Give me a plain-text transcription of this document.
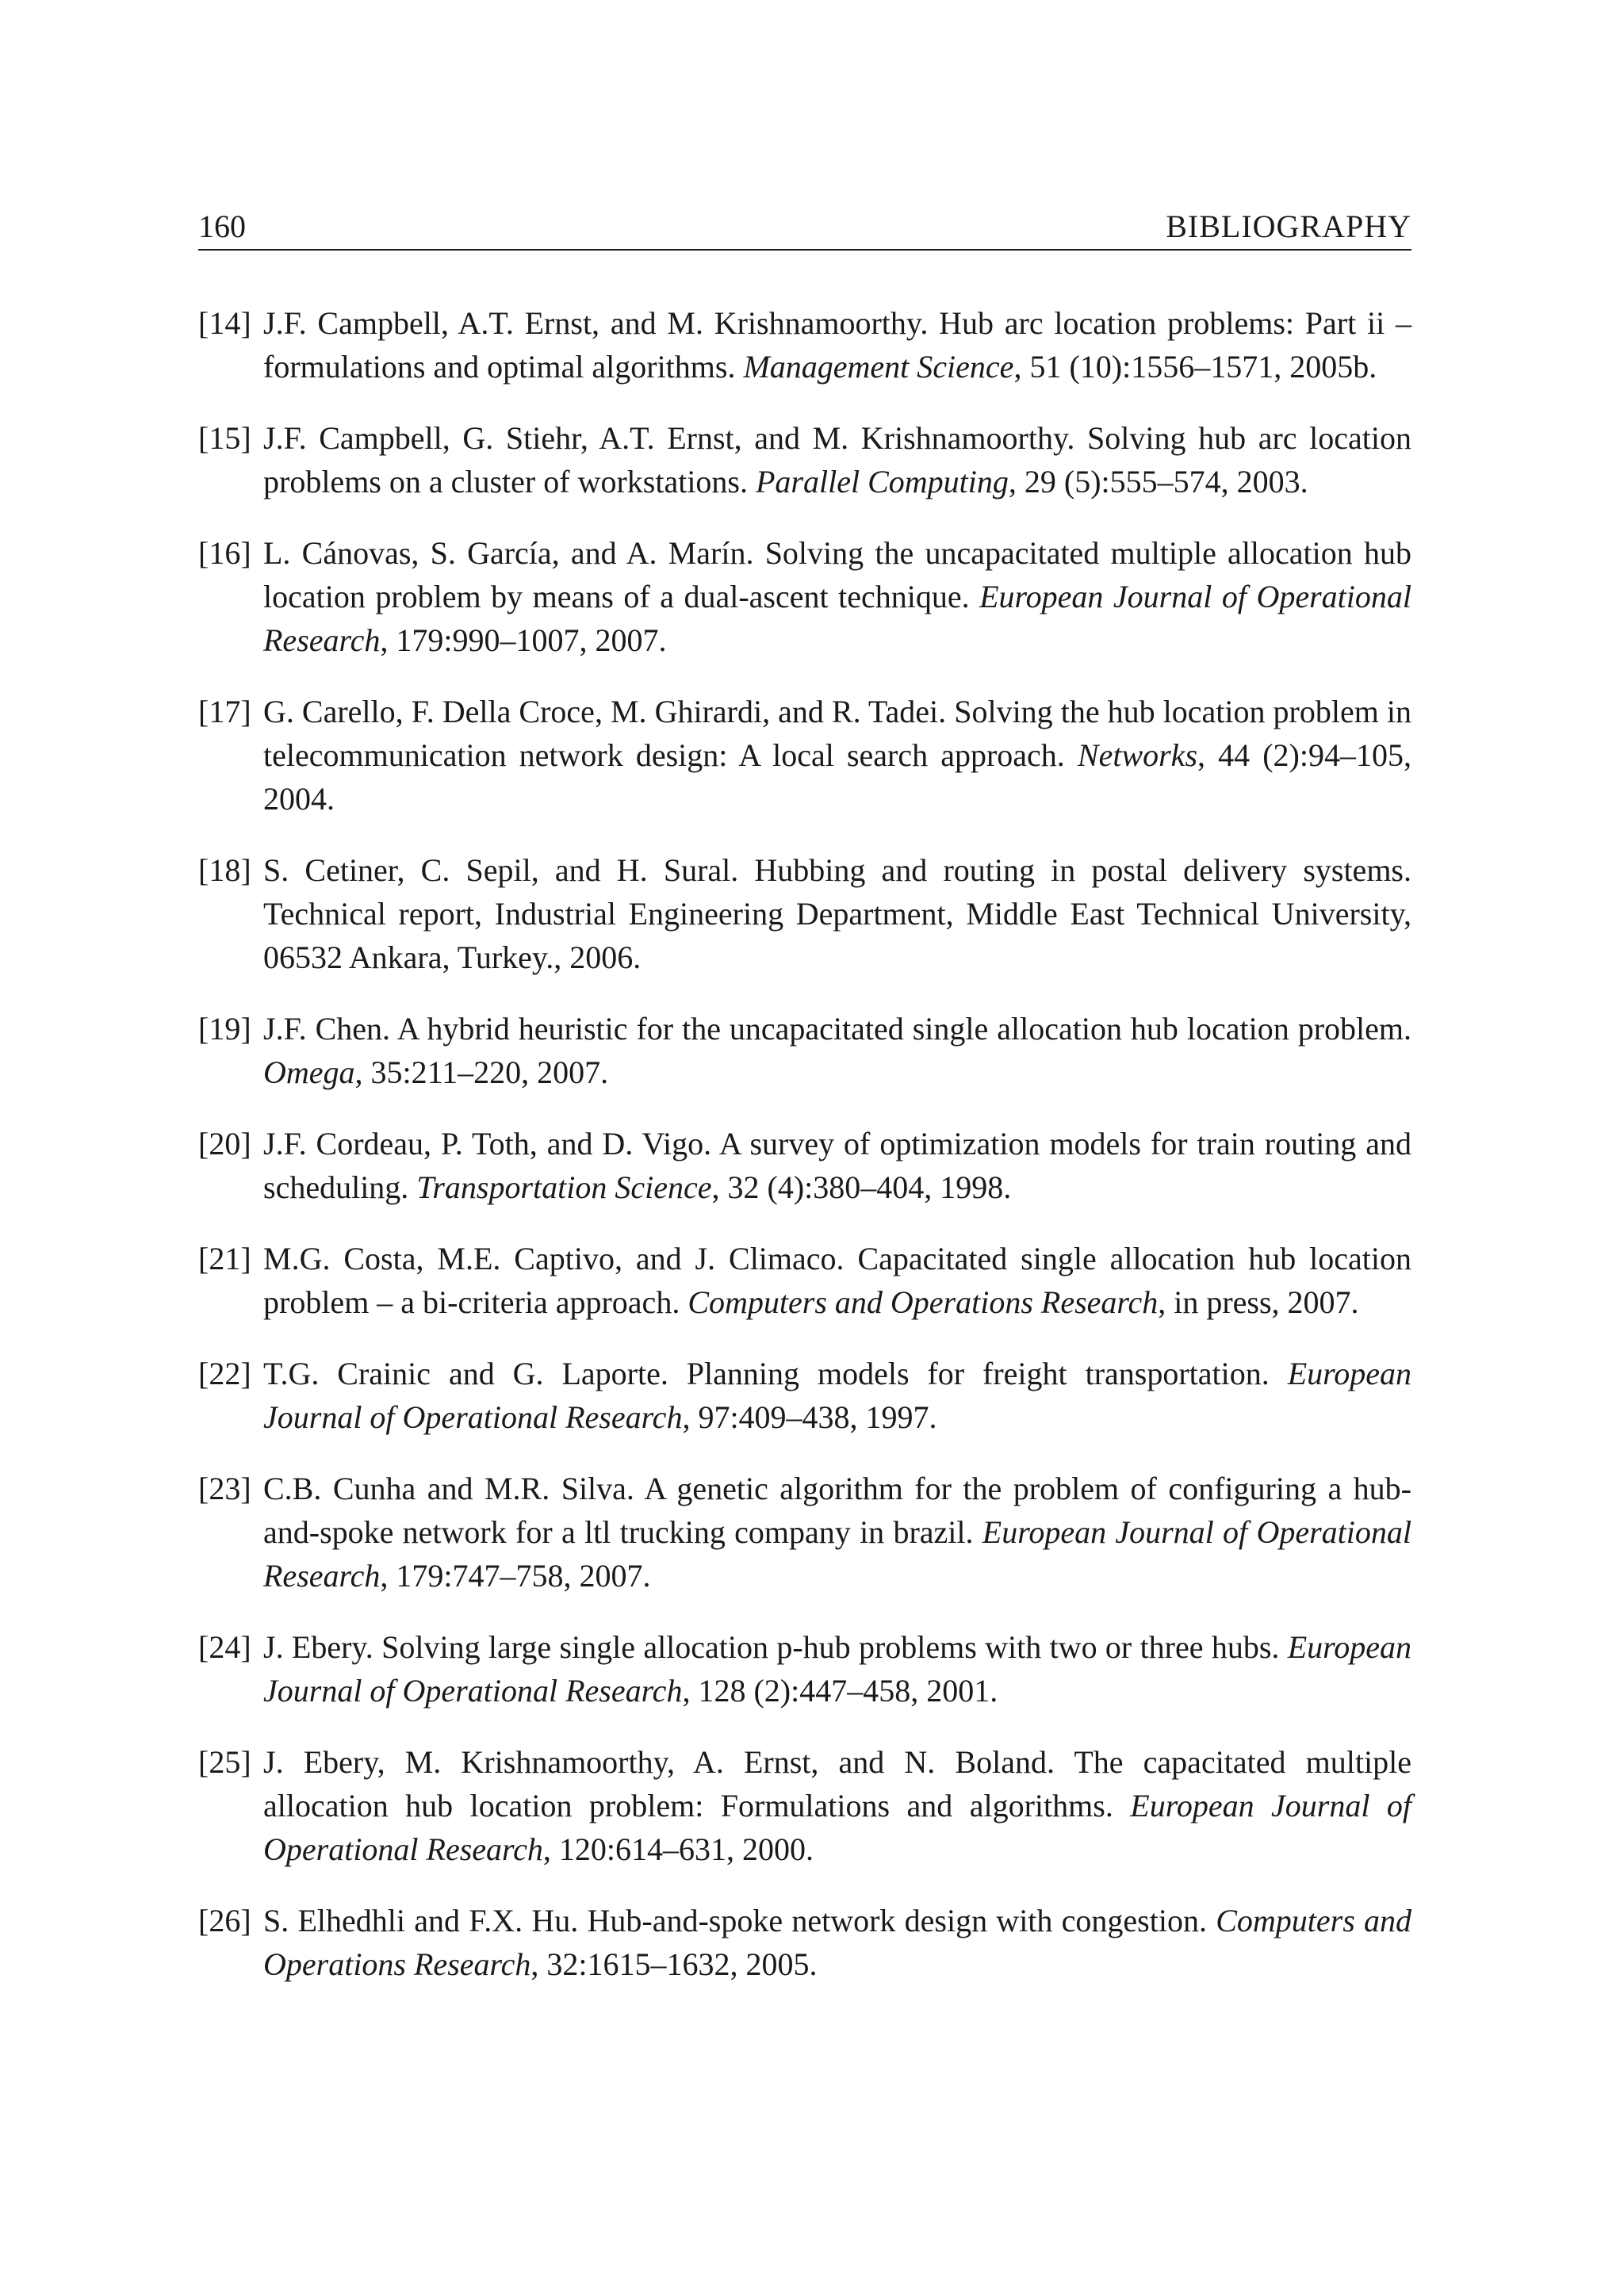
160	BIBLIOGRAPHY
[14] J.F. Campbell, A.T. Ernst, and M. Krishnamoorthy. Hub arc location problems: Part ii – formulations and optimal algorithms. Management Science, 51 (10):1556–1571, 2005b.
[15] J.F. Campbell, G. Stiehr, A.T. Ernst, and M. Krishnamoorthy. Solving hub arc location problems on a cluster of workstations. Parallel Computing, 29 (5):555–574, 2003.
[16] L. Cánovas, S. García, and A. Marín. Solving the uncapacitated multiple allocation hub location problem by means of a dual-ascent technique. European Journal of Operational Research, 179:990–1007, 2007.
[17] G. Carello, F. Della Croce, M. Ghirardi, and R. Tadei. Solving the hub location problem in telecommunication network design: A local search approach. Networks, 44 (2):94–105, 2004.
[18] S. Cetiner, C. Sepil, and H. Sural. Hubbing and routing in postal delivery systems. Technical report, Industrial Engineering Department, Middle East Technical University, 06532 Ankara, Turkey., 2006.
[19] J.F. Chen. A hybrid heuristic for the uncapacitated single allocation hub location problem. Omega, 35:211–220, 2007.
[20] J.F. Cordeau, P. Toth, and D. Vigo. A survey of optimization models for train routing and scheduling. Transportation Science, 32 (4):380–404, 1998.
[21] M.G. Costa, M.E. Captivo, and J. Climaco. Capacitated single allocation hub location problem – a bi-criteria approach. Computers and Operations Research, in press, 2007.
[22] T.G. Crainic and G. Laporte. Planning models for freight transportation. European Journal of Operational Research, 97:409–438, 1997.
[23] C.B. Cunha and M.R. Silva. A genetic algorithm for the problem of configuring a hub-and-spoke network for a ltl trucking company in brazil. European Journal of Operational Research, 179:747–758, 2007.
[24] J. Ebery. Solving large single allocation p-hub problems with two or three hubs. European Journal of Operational Research, 128 (2):447–458, 2001.
[25] J. Ebery, M. Krishnamoorthy, A. Ernst, and N. Boland. The capacitated multiple allocation hub location problem: Formulations and algorithms. European Journal of Operational Research, 120:614–631, 2000.
[26] S. Elhedhli and F.X. Hu. Hub-and-spoke network design with congestion. Computers and Operations Research, 32:1615–1632, 2005.
